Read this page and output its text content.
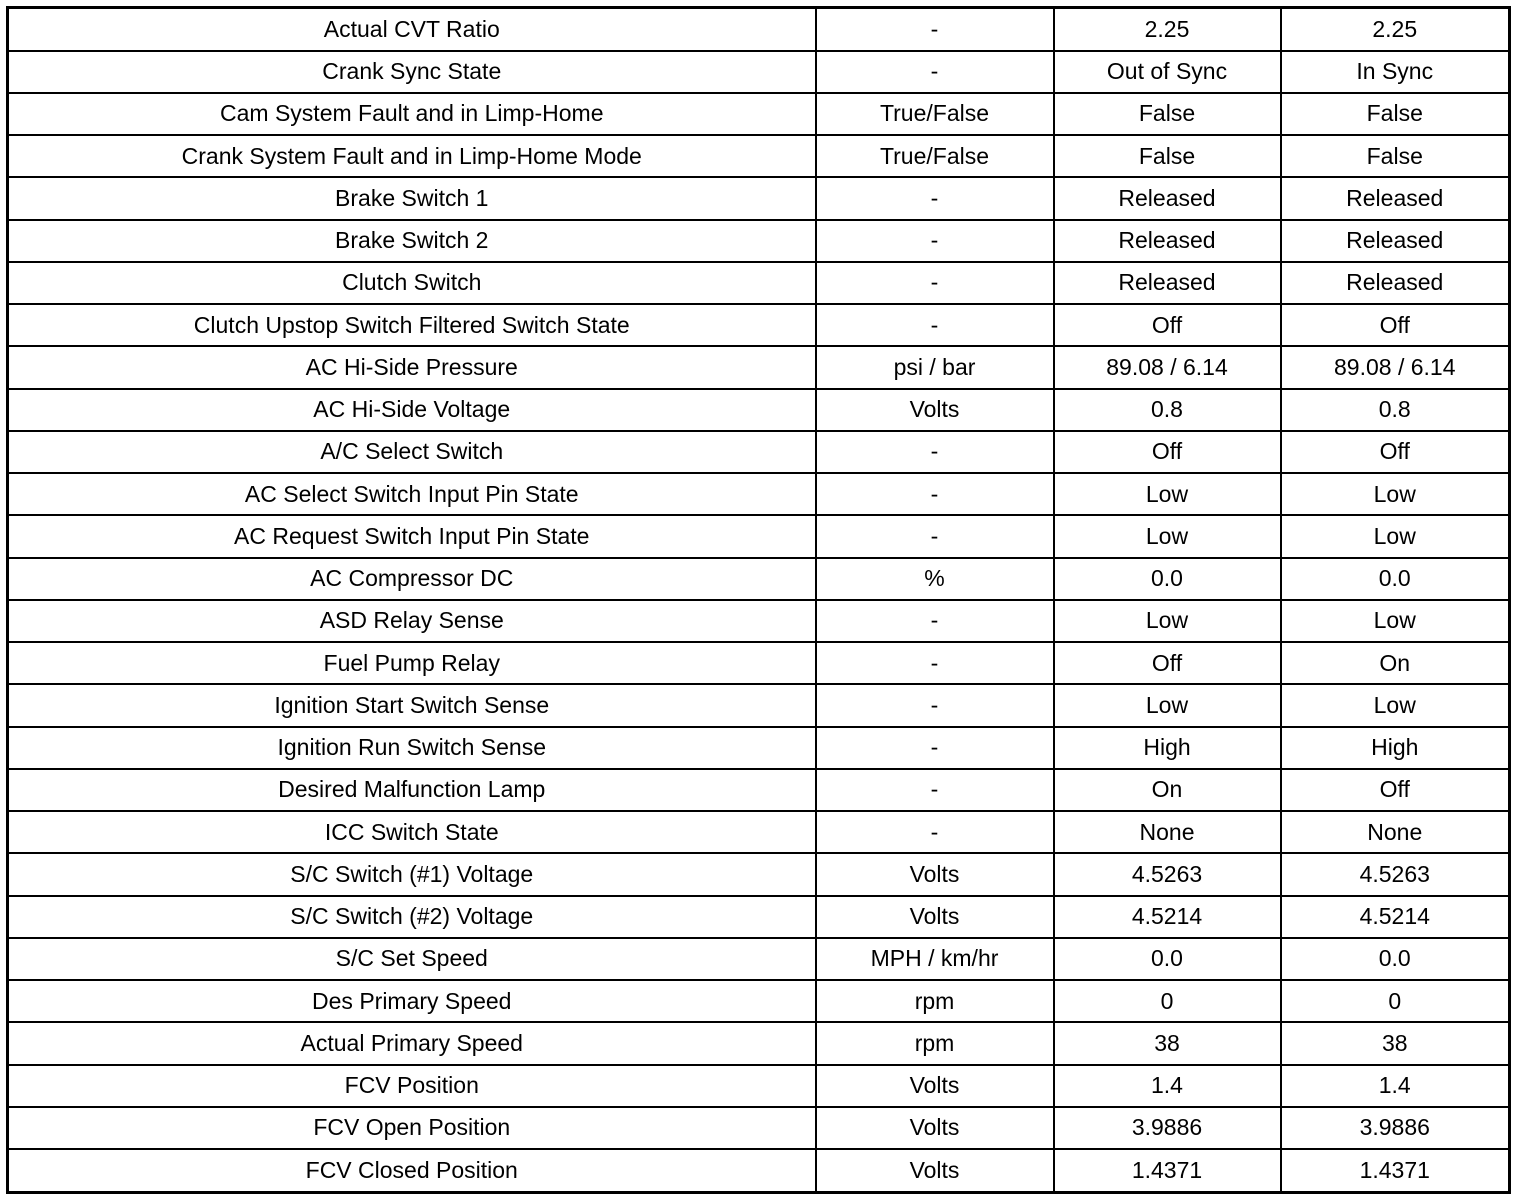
Actual CVT Ratio	-	2.25	2.25
Crank Sync State	-	Out of Sync	In Sync
Cam System Fault and in Limp-Home	True/False	False	False
Crank System Fault and in Limp-Home Mode	True/False	False	False
Brake Switch 1	-	Released	Released
Brake Switch 2	-	Released	Released
Clutch Switch	-	Released	Released
Clutch Upstop Switch Filtered Switch State	-	Off	Off
AC Hi-Side Pressure	psi / bar	89.08 / 6.14	89.08 / 6.14
AC Hi-Side Voltage	Volts	0.8	0.8
A/C Select Switch	-	Off	Off
AC Select Switch Input Pin State	-	Low	Low
AC Request Switch Input Pin State	-	Low	Low
AC Compressor DC	%	0.0	0.0
ASD Relay Sense	-	Low	Low
Fuel Pump Relay	-	Off	On
Ignition Start Switch Sense	-	Low	Low
Ignition Run Switch Sense	-	High	High
Desired Malfunction Lamp	-	On	Off
ICC Switch State	-	None	None
S/C Switch (#1) Voltage	Volts	4.5263	4.5263
S/C Switch (#2) Voltage	Volts	4.5214	4.5214
S/C Set Speed	MPH / km/hr	0.0	0.0
Des Primary Speed	rpm	0	0
Actual Primary Speed	rpm	38	38
FCV Position	Volts	1.4	1.4
FCV Open Position	Volts	3.9886	3.9886
FCV Closed Position	Volts	1.4371	1.4371
